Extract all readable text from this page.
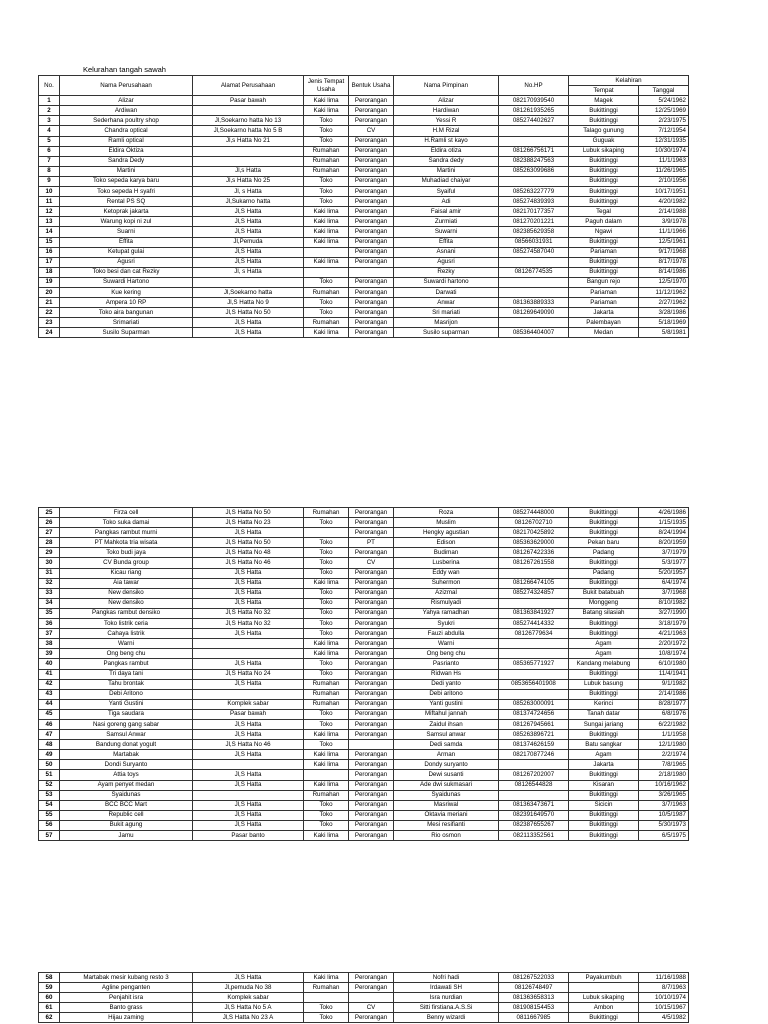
Kelurahan tangah sawah
No.	Nama Perusahaan	Alamat Perusahaan	Jenis Tempat Usaha	Bentuk Usaha	Nama Pimpinan	No.HP	Kelahiran	
							Tempat	Tanggal
1	Alizar	Pasar bawah	Kaki lima	Perorangan	Alizar	082170939540	Magek	5/24/1962
2	Ardiwan		Kaki lima	Perorangan	Hardiwan	081261935265	Bukittinggi	12/25/1969
3	Sederhana poultry shop	Jl,Soekarno hatta No 13	Toko	Perorangan	Yessi R	085274402627	Bukittinggi	2/23/1975
4	Chandra optical	Jl,Soekarno hatta No 5 B	Toko	CV	H.M Rizal		Talago gunung	7/12/1954
5	Ramli optical	Jl,s Hatta No 21	Toko	Perorangan	H.Ramli st kayo		Guguak	12/31/1935
6	Eldira Oktiza		Rumahan	Perorangan	Eldira otiza	081266756171	Lubuk sikaping	10/30/1974
7	Sandra Dedy		Rumahan	Perorangan	Sandra dedy	082388247563	Bukittinggi	11/1/1963
8	Martini	Jl,s Hatta	Rumahan	Perorangan	Martini	085263099686	Bukittinggi	11/26/1965
9	Toko sepeda karya baru	Jl,s Hatta No 25	Toko	Perorangan	Muhadiad chaiyar		Bukittinggi	2/10/1956
10	Toko sepeda H syafri	Jl, s Hatta	Toko	Perorangan	Syaiful	085263227779	Bukittinggi	10/17/1951
11	Rental PS SQ	Jl,Sukarno hatta	Toko	Perorangan	Adi	085274839393	Bukittinggi	4/20/1982
12	Ketoprak jakarta	Jl,S Hatta	Kaki lima	Perorangan	Faisal amir	082170177357	Tegal	2/14/1988
13	Warung kopi ni zul	Jl,S Hatta	Kaki lima	Perorangan	Zurmiati	081270201221	Paguh dalam	3/9/1978
14	Suarni	Jl,S Hatta	Kaki lima	Perorangan	Suwarni	082385629358	Ngawi	11/1/1966
15	Effita	Jl,Pemuda	Kaki lima	Perorangan	Effita	08566031931	Bukittinggi	12/5/1961
16	Ketupat gulai	Jl,S Hatta		Perorangan	Asnani	085274587040	Pariaman	9/17/1968
17	Agusri	Jl,S Hatta	Kaki lima	Perorangan	Agusri		Bukittinggi	8/17/1978
18	Toko besi dan cat Rezky	Jl, s Hatta			Rezky	08126774535	Bukittinggi	8/14/1986
19	Suwardi Hartono		Toko	Perorangan	Suwardi hartono		Bangun rejo	12/5/1970
20	Kue kering	Jl,Soekarno hatta	Rumahan	Perorangan	Darwati		Pariaman	11/12/1962
21	Ampera 10 RP	Jl,S Hatta No 9	Toko	Perorangan	Anwar	081363889333	Pariaman	2/27/1962
22	Toko aira bangunan	Jl,S Hatta No 50	Toko	Perorangan	Sri mariati	081269649090	Jakarta	3/28/1986
23	Srimariati	Jl,S Hatta	Rumahan	Perorangan	Masrijon		Palembayan	5/18/1969
24	Susilo Suparman	Jl,S Hatta	Kaki lima	Perorangan	Susilo suparman	085364404007	Medan	5/8/1981
25	Firza cell	Jl,S Hatta No 50	Rumahan	Perorangan	Roza	085274448000	Bukittinggi	4/26/1986
26	Toko suka damai	Jl,S Hatta No 23	Toko	Perorangan	Muslim	08126702710	Bukittinggi	1/15/1935
27	Pangkas rambut murni	Jl,S Hatta		Perorangan	Hengky agustian	082170425892	Bukittinggi	8/24/1994
28	PT Mahkota tria wisata	Jl,S Hatta No 50	Toko	PT	Edison	085363629000	Pekan baru	8/20/1959
29	Toko budi jaya	Jl,S Hatta No 48	Toko	Perorangan	Budiman	081267422336	Padang	3/7/1979
30	CV Bunda group	Jl,S Hatta No 46	Toko	CV	Lusberina	081267261558	Bukittinggi	5/3/1977
31	Kicau riang	Jl,S Hatta	Toko	Perorangan	Eddy wan		Padang	5/20/1957
32	Aia tawar	Jl,S Hatta	Kaki lima	Perorangan	Suhermon	081266474105	Bukittinggi	6/4/1974
33	New densiko	Jl,S Hatta	Toko	Perorangan	Azizmal	085274324857	Bukit batabuah	3/7/1968
34	New densiko	Jl,S Hatta	Toko	Perorangan	Rismulyadi		Monggeng	8/10/1982
35	Pangkas rambut densiko	Jl,S Hatta No 32	Toko	Perorangan	Yahya ramadhan	081363841927	Batang silasiah	3/27/1990
36	Toko listrik ceria	Jl,S Hatta No 32	Toko	Perorangan	Syukri	085274414332	Bukittinggi	3/18/1979
37	Cahaya listrik	Jl,S Hatta	Toko	Perorangan	Fauzi abdulla	08126779634	Bukittinggi	4/21/1963
38	Warni		Kaki lima	Perorangan	Warni		Agam	2/20/1972
39	Ong beng chu		Kaki lima	Perorangan	Ong beng chu		Agam	10/8/1974
40	Pangkas rambut	Jl,S Hatta	Toko	Perorangan	Pasrianto	085365771927	Kandang melabung	6/10/1980
41	Tri daya tani	Jl,S Hatta No 24	Toko	Perorangan	Ridwan Hs		Bukittinggi	11/4/1941
42	Tahu brontak	Jl,S Hatta	Rumahan	Perorangan	Dedi yanto	0853656401908	Lubuk basung	9/1/1982
43	Debi Aritono		Rumahan	Perorangan	Debi aritono		Bukittinggi	2/14/1986
44	Yanti Gustini	Komplek sabar	Rumahan	Perorangan	Yanti gustini	085263000091	Kerinci	8/28/1977
45	Tiga saudara	Pasar bawah	Toko	Perorangan	Miftahul jannah	081374724656	Tanah datar	6/8/1976
46	Nasi goreng gang sabar	Jl,S Hatta	Toko	Perorangan	Zaidul ihsan	081267945661	Sungai jariang	6/22/1982
47	Samsul Anwar	Jl,S Hatta	Kaki lima	Perorangan	Samsul anwar	085263896721	Bukittinggi	1/1/1958
48	Bandung donat yogult	Jl,S Hatta No 46	Toko		Dedi samda	081374626159	Batu sangkar	12/1/1980
49	Martabak	Jl,S Hatta	Kaki lima	Perorangan	Arman	082170877246	Agam	2/2/1974
50	Dondi Suryanto		Kaki lima	Perorangan	Dondy suryanto		Jakarta	7/8/1965
51	Attia toys	Jl,S Hatta		Perorangan	Dewi susanti	081267202007	Bukittinggi	2/18/1980
52	Ayam penyet medan	Jl,S Hatta	Kaki lima	Perorangan	Ade dwi sukmasari	08126544828	Kisaran	10/16/1962
53	Syaidunas		Rumahan	Perorangan	Syaidunas		Bukittinggi	3/26/1965
54	BCC BCC Mart	Jl,S Hatta	Toko	Perorangan	Masriwal	081363473671	Sicicin	3/7/1963
55	Republic cell	Jl,S Hatta	Toko	Perorangan	Oktavia meriani	082391649570	Bukittinggi	10/5/1987
56	Bukit agung	Jl,S Hatta	Toko	Perorangan	Mesi resifianti	082387655267	Bukittinggi	5/30/1973
57	Jamu	Pasar banto	Kaki lima	Perorangan	Rio osmon	082113352561	Bukittinggi	6/5/1975
58	Martabak mesir kubang resto 3	Jl,S Hatta	Kaki lima	Perorangan	Nofri hadi	081267522033	Payakumbuh	11/16/1988
59	Agline penganten	Jl,pemuda No 38	Rumahan	Perorangan	Irdawati SH	08126748497		8/7/1963
60	Penjahit isra	Komplek sabar			Isra nurdian	081363658313	Lubuk sikaping	10/10/1974
61	Banto grass	Jl,S Hatta No 5 A	Toko	CV	Sitti firstiana.A.S.Si	081908154453	Ambon	10/15/1967
62	Hijau zaming	Jl,S Hatta No 23 A	Toko	Perorangan	Benny wizardi	0811667985	Bukittinggi	4/5/1982
